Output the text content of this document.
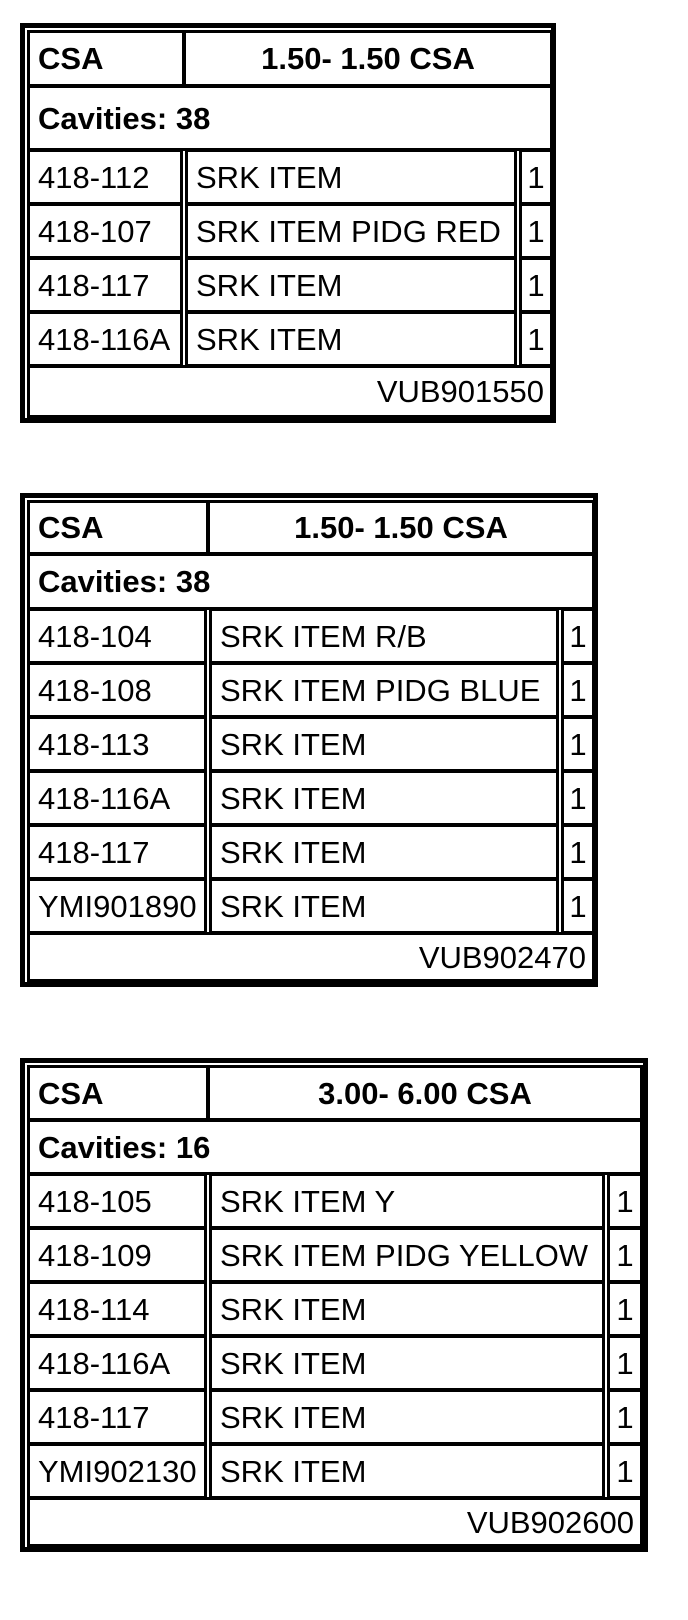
CSA	1.50- 1.50 CSA
Cavities: 38
418-112	SRK ITEM	1
418-107	SRK ITEM PIDG RED 1
418-117	SRK ITEM	1
418-116A SRK ITEM	1
VUB901550
CSA	1.50- 1.50 CSA
Cavities: 38
418-104	SRK ITEM R/B	1
418-108	SRK ITEM PIDG BLUE 1
418-113	SRK ITEM	1
418-116A	SRK ITEM	1
418-117	SRK ITEM	1
YMI901890 SRK ITEM	1
VUB902470
CSA	3.00- 6.00 CSA
Cavities: 16
418-105	SRK ITEM Y	1
418-109	SRK ITEM PIDG YELLOW 1
418-114	SRK ITEM	1
418-116A	SRK ITEM	1
418-117	SRK ITEM	1
YMI902130 SRK ITEM	1
VUB902600
